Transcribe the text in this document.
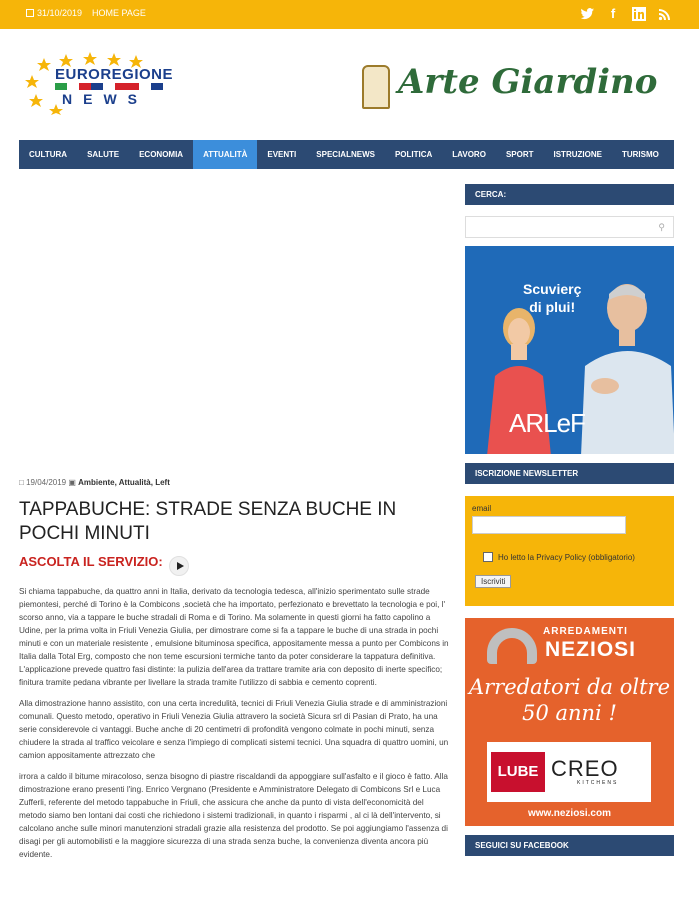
31/10/2019 HOME PAGE	f
EUROREGIONE
NEWS	Arte Giardino
CULTURA	SALUTE	ECONOMIA	ATTUALITÀ	EVENTI	SPECIALNEWS	POLITICA	LAVORO	SPORT	ISTRUZIONE	TURISMO
□ 19/04/2019 ▣ Ambiente, Attualità, Left
TAPPABUCHE: STRADE SENZA BUCHE IN POCHI MINUTI
ASCOLTA IL SERVIZIO:

Si chiama tappabuche, da quattro anni in Italia, derivato da tecnologia tedesca, all'inizio sperimentato sulle strade piemontesi, perché di Torino è la Combicons ,società che ha importato, perfezionato e brevettato la tecnologia e poi, l' scorso anno, via a tappare le buche stradali di Roma e di Torino. Ma solamente in questi giorni ha fatto capolino a Udine, per la prima volta in Friuli Venezia Giulia, per dimostrare come si fa a tappare le buche di una strada in pochi minuti e con un materiale resistente , emulsione bituminosa specifica, appositamente messa a punto per Combicons in Italia dalla Total Erg, composto che non teme escursioni termiche tanto da poter considerare la tappatura definitiva. L'applicazione prevede quattro fasi distinte: la pulizia dell'area da trattare tramite aria con deposito di inerte specifico; finitura tramite pedana vibrante per livellare la strada tramite l'utilizzo di sabbia e cemento coprenti.

Alla dimostrazione hanno assistito, con una certa incredulità, tecnici di Friuli Venezia Giulia strade e di amministrazioni comunali. Questo metodo, operativo in Friuli Venezia Giulia attravero la società Sicura srl di Pasian di Prato, ha una serie considerevole ci vantaggi. Buche anche di 20 centimetri di profondità vengono colmate in pochi minuti, senza chiudere la strada al traffico veicolare e senza l'impiego di complicati sistemi tecnici. Una squadra di quattro uomini, un camion appositamente attrezzato che

irrora a caldo il bitume miracoloso, senza bisogno di piastre riscaldandi da appoggiare sull'asfalto e il gioco è fatto. Alla dimostrazione erano presenti l'ing. Enrico Vergnano (Presidente e Amministratore Delegato di Combicons Srl e Luca Zufferli, referente del metodo tappabuche in Friuli, che assicura che anche da punto di vista dell'economicità del metodo siamo ben lontani dai costi che richiedono i sistemi tradizionali, in quanto i risparmi , al ci là dell'intervento, si calcolano anche sulle minori manutenzioni stradali grazie alla resistenza del prodotto. Se poi aggiungiamo l'assenza di disagi per gli automobilisti e la maggiore sicurezza di una strada senza buche, la convenienza diventa ancora più evidente.

CERCA:
⚲
Scuvierç
di plui!
ARLeF
ISCRIZIONE NEWSLETTER
email
Ho letto la Privacy Policy (obbligatorio)
Iscriviti
ARREDAMENTI
NEZIOSI
Arredatori da oltre
50 anni !
LUBE CREO
KITCHENS
www.neziosi.com
SEGUICI SU FACEBOOK
